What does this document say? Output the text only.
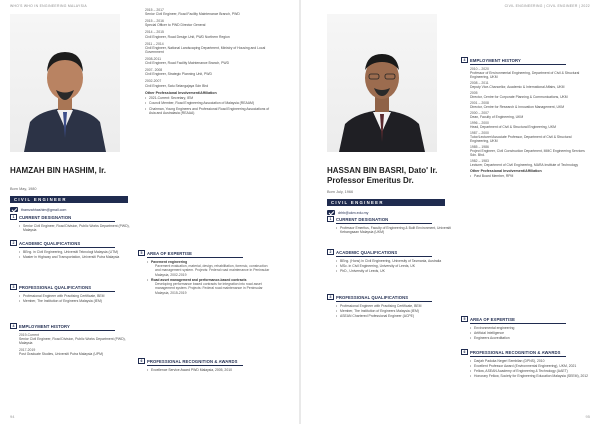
WHO'S WHO IN ENGINEERING MALAYSIA
HAMZAH BIN HASHIM, Ir.
Born May, 1980
CIVIL ENGINEER
thamzahhashim@gmail.com
1	CURRENT DESIGNATION
• Senior Civil Engineer, Road Division, Public Works Department (PWD), Malaysia
2	ACADEMIC QUALIFICATIONS
• BEng. in Civil Engineering, Universiti Teknologi Malaysia (UTM)
• Master in Highway and Transportation, Universiti Putra Malaysia
3	PROFESSIONAL QUALIFICATIONS
• Professional Engineer with Practising Certificate, BEM
• Member, The Institution of Engineers Malaysia (IEM)
4	EMPLOYMENT HISTORY

2019-Current
Senior Civil Engineer, Road Division, Public Works Department (PWD), Malaysia

2017-2019
Post Graduate Studies, Universiti Putra Malaysia (UPM)

2015 – 2017
Senior Civil Engineer, Road Facility Maintenance Branch, PWD
2015 – 2016
Special Officer to PWD Director General
2014 – 2015
Civil Engineer, Road Design Unit, PWD Northern Region
2011 – 2014
Civil Engineer, National Landscaping Department, Ministry of Housing and Local Government
2008-2011
Civil Engineer, Road Facility Maintenance Branch, PWD
2007- 2008
Civil Engineer, Strategic Planning Unit, PWD
2002-2007
Civil Engineer, Satu Selangajaya Sdn Bhd
Other Professional Involvement/Affiliation
• 2021-Current: Secretary, IEM
• Council Member, Road Engineering Association of Malaysia (REAAM)
• Chairman, Young Engineers and Professional Road Engineering Associations of Asia and Australasia (REAAA)
5	AREA OF EXPERTISE
• Pavement engineering
Pavement evaluation, material, design, rehabilitation, forensic, construction and management system. Projects: Federal road maintenance in Peninsular Malaysia, 2002-2019
• Road asset management and performance-based contracts
Developing performance based contracts for integration into road asset management system. Projects: Federal road maintenance in Peninsular Malaysia, 2015-2019
6	PROFESSIONAL RECOGNITION & AWARDS
• Excellence Service Award PWD Malaysia, 2005, 2010
94
CIVIL ENGINEERING | CIVIL ENGINEER | 2022
HASSAN BIN BASRI, Dato' Ir. Professor Emeritus Dr.
Born July, 1966
CIVIL ENGINEER
drhb@ukm.edu.my
1	CURRENT DESIGNATION
• Professor Emeritus, Faculty of Engineering & Built Environment, Universiti Kebangsaan Malaysia (UKM)
2	ACADEMIC QUALIFICATIONS
• BEng. (Hons) in Civil Engineering, University of Tasmania, Australia
• MSc. in Civil Engineering, University of Leeds, UK
• PhD., University of Leeds, UK
3	PROFESSIONAL QUALIFICATIONS
• Professional Engineer with Practising Certificate, BEM
• Member, The Institution of Engineers Malaysia (IEM)
• ASEAN Chartered Professional Engineer (ACPE)
4	EMPLOYMENT HISTORY

2010 – 2020
Professor of Environmental Engineering, Department of Civil & Structural Engineering, UKM

2008 – 2011
Deputy Vice-Chancellor, Academic & International Affairs, UKM

2005
Director, Centre for Corporate Planning & Communications, UKM

2001 – 2008
Director, Centre for Research & Innovation Management, UKM

2000 – 2007
Dean, Faculty of Engineering, UKM

1996 – 2000
Head, Department of Civil & Structural Engineering, UKM

1987 – 2000
Tutor/Lecturer/Associate Professor, Department of Civil & Structural Engineering, UKM

1985 – 1986
Project Engineer, Civil Construction Department, MMC Engineering Services Sdn. Bhd.

1982 – 1983
Lecturer, Department of Civil Engineering, MARA Institute of Technology

Other Professional Involvement/Affiliation
• Past Board Member, RPM
5	AREA OF EXPERTISE
• Environmental engineering
• Artificial Intelligence
• Engineers Accreditation
6	PROFESSIONAL RECOGNITION & AWARDS
• Darjah Paduka Negeri Sembilan (DPNS), 2010
• Excellent Professor Award (Environmental Engineering), UKM, 2021
• Fellow, ASEAN Academy of Engineering & Technology (AAET)
• Honorary Fellow, Society for Engineering Education Malaysia (SEEM), 2012
95
